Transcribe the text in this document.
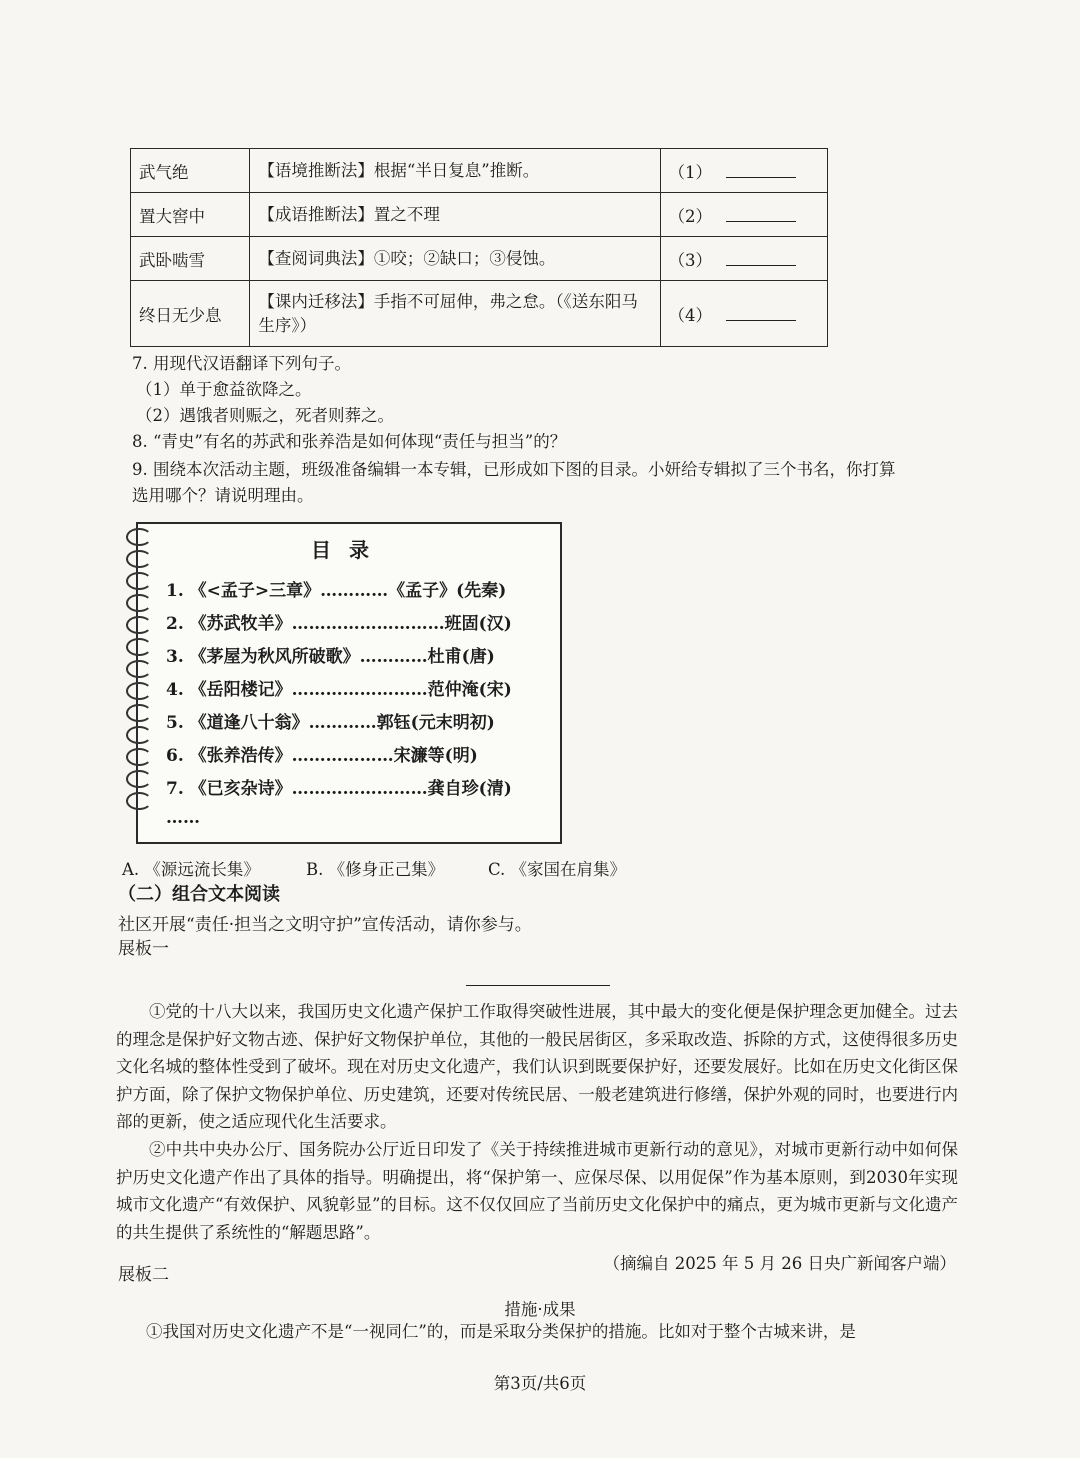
武气绝	【语境推断法】根据“半日复息”推断。	（1）
置大窖中	【成语推断法】置之不理	（2）
武卧啮雪	【查阅词典法】①咬；②缺口；③侵蚀。	（3）
终日无少息	【课内迁移法】手指不可屈伸，弗之怠。（《送东阳马生序》）	（4）
7. 用现代汉语翻译下列句子。
（1）单于愈益欲降之。
（2）遇饿者则赈之，死者则葬之。
8. “青史”有名的苏武和张养浩是如何体现“责任与担当”的？
9. 围绕本次活动主题，班级准备编辑一本专辑，已形成如下图的目录。小妍给专辑拟了三个书名，你打算
选用哪个？请说明理由。
目录
1. 《<孟子>三章》…………《孟子》(先秦)
2. 《苏武牧羊》………………………班固(汉)
3. 《茅屋为秋风所破歌》…………杜甫(唐)
4. 《岳阳楼记》……………………范仲淹(宋)
5. 《道逢八十翁》…………郭钰(元末明初)
6. 《张养浩传》………………宋濂等(明)
7. 《已亥杂诗》……………………龚自珍(清)
……
A. 《源远流长集》	B. 《修身正己集》	C. 《家国在肩集》
（二）组合文本阅读
社区开展“责任·担当之文明守护”宣传活动，请你参与。
展板一

①党的十八大以来，我国历史文化遗产保护工作取得突破性进展，其中最大的变化便是保护理念更加健全。过去的理念是保护好文物古迹、保护好文物保护单位，其他的一般民居街区，多采取改造、拆除的方式，这使得很多历史文化名城的整体性受到了破坏。现在对历史文化遗产，我们认识到既要保护好，还要发展好。比如在历史文化街区保护方面，除了保护文物保护单位、历史建筑，还要对传统民居、一般老建筑进行修缮，保护外观的同时，也要进行内部的更新，使之适应现代化生活要求。

②中共中央办公厅、国务院办公厅近日印发了《关于持续推进城市更新行动的意见》，对城市更新行动中如何保护历史文化遗产作出了具体的指导。明确提出，将“保护第一、应保尽保、以用促保”作为基本原则，到2030年实现城市文化遗产“有效保护、风貌彰显”的目标。这不仅仅回应了当前历史文化保护中的痛点，更为城市更新与文化遗产的共生提供了系统性的“解题思路”。

（摘编自 2025 年 5 月 26 日央广新闻客户端）
展板二
措施·成果
①我国对历史文化遗产不是“一视同仁”的，而是采取分类保护的措施。比如对于整个古城来讲，是
第3页/共6页
